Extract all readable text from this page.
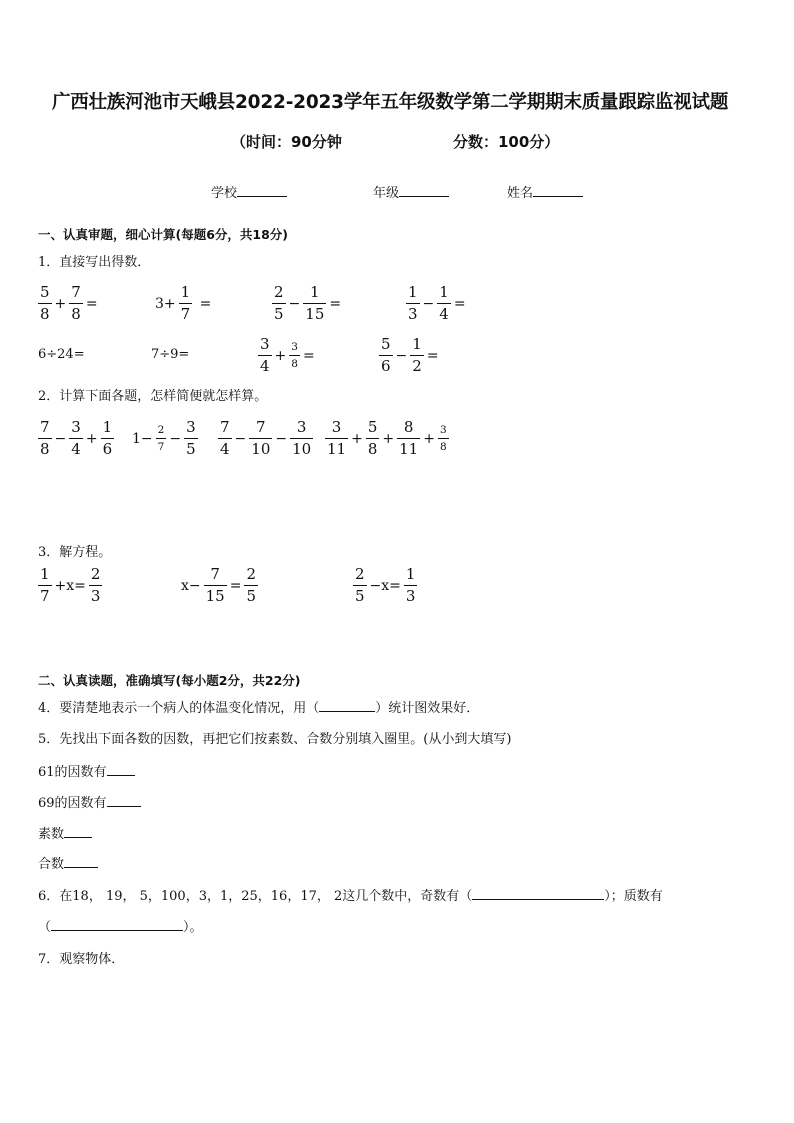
广西壮族河池市天峨县2022-2023学年五年级数学第二学期期末质量跟踪监视试题
（时间：90分钟	分数：100分）
学校	年级	姓名
一、认真审题，细心计算(每题6分，共18分)
1．直接写出得数．
$\frac{5}{8} + \frac{7}{8}$ =	$3+ \frac{1}{7}$ =	$\frac{2}{5} - \frac{1}{15}$ =	$\frac{1}{3} - \frac{1}{4}$ =
6÷24=	7÷9=	$\frac{3}{4} + \frac{3}{8}$ =	$\frac{5}{6} - \frac{1}{2}$ =
2．计算下面各题，怎样简便就怎样算。
$\frac{7}{8} - \frac{3}{4} + \frac{1}{6} 1- \frac{2}{7} - \frac{3}{5} \frac{7}{4} - \frac{7}{10} - \frac{3}{10} \frac{3}{11} + \frac{5}{8} + \frac{8}{11} + \frac{3}{8}$
3．解方程。
$\frac{1}{7} +x= \frac{2}{3}$	$x- \frac{7}{15} = \frac{2}{5}$	$\frac{2}{5} -x= \frac{1}{3}$
二、认真读题，准确填写(每小题2分，共22分)
4．要清楚地表示一个病人的体温变化情况，用（	）统计图效果好．
5．先找出下面各数的因数，再把它们按素数、合数分别填入圈里。(从小到大填写)
61的因数有
69的因数有
素数
合数
6．在18， 19， 5，100，3，1，25，16，17， 2这几个数中，奇数有（	）；质数有
（	）。
7．观察物体．
